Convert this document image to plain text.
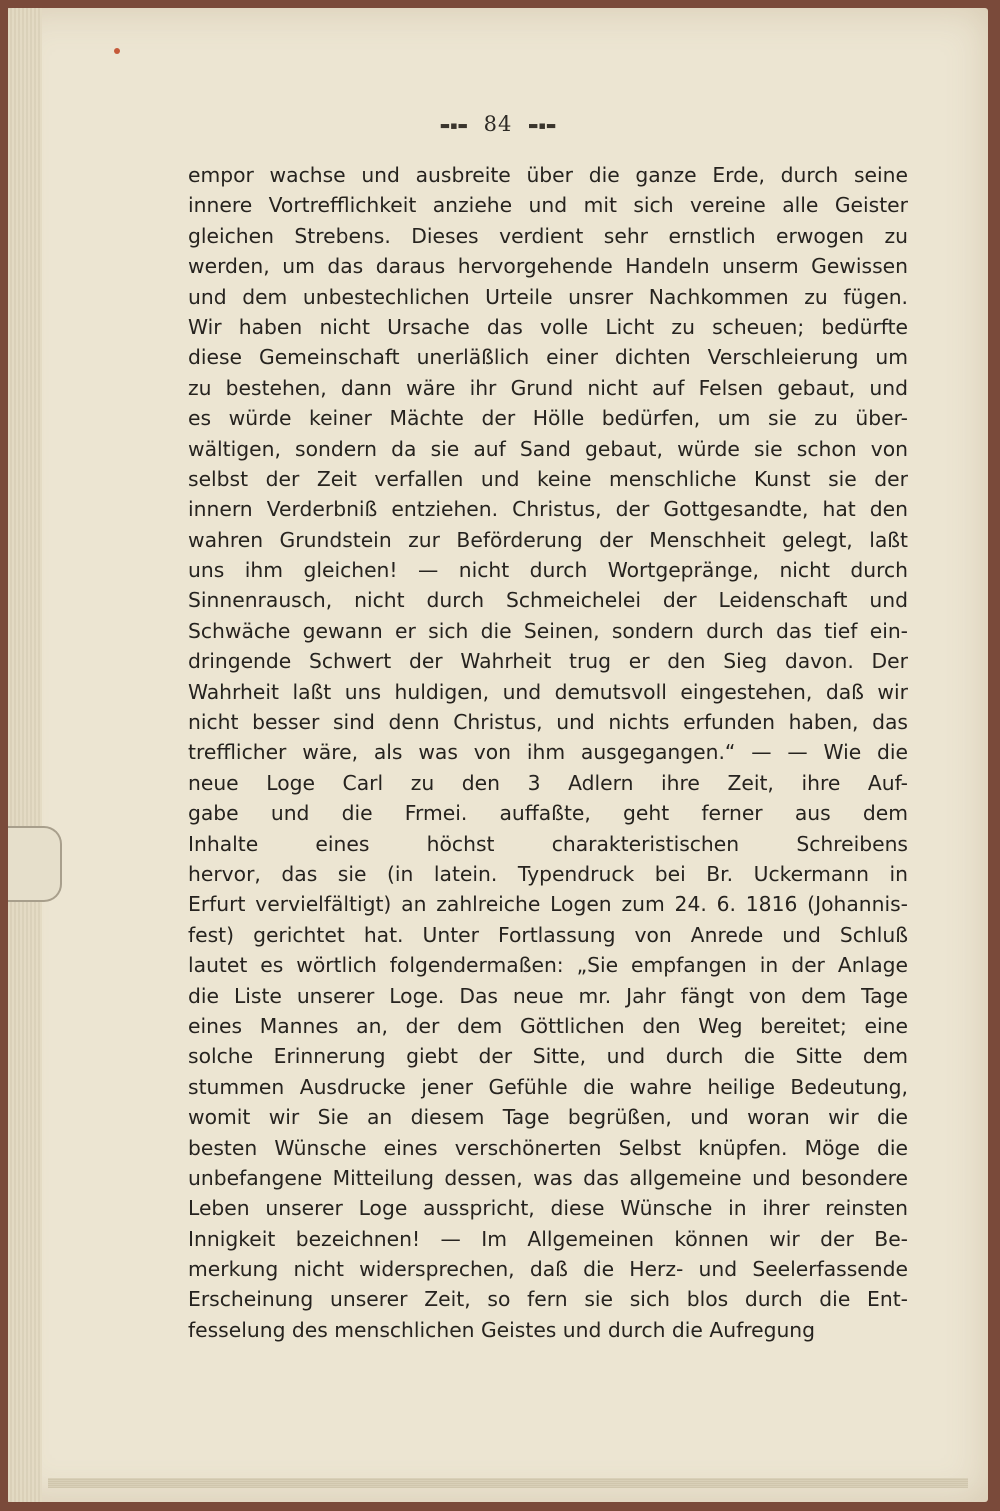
▬▪▬ 84 ▬▪▬
empor wachse und ausbreite über die ganze Erde, durch seine
innere Vortrefflichkeit anziehe und mit sich vereine alle Geister
gleichen Strebens. Dieses verdient sehr ernstlich erwogen zu
werden, um das daraus hervorgehende Handeln unserm Gewissen
und dem unbestechlichen Urteile unsrer Nachkommen zu fügen.
Wir haben nicht Ursache das volle Licht zu scheuen; bedürfte
diese Gemeinschaft unerläßlich einer dichten Verschleierung um
zu bestehen, dann wäre ihr Grund nicht auf Felsen gebaut, und
es würde keiner Mächte der Hölle bedürfen, um sie zu über-
wältigen, sondern da sie auf Sand gebaut, würde sie schon von
selbst der Zeit verfallen und keine menschliche Kunst sie der
innern Verderbniß entziehen. Christus, der Gottgesandte, hat den
wahren Grundstein zur Beförderung der Menschheit gelegt, laßt
uns ihm gleichen! — nicht durch Wortgepränge, nicht durch
Sinnenrausch, nicht durch Schmeichelei der Leidenschaft und
Schwäche gewann er sich die Seinen, sondern durch das tief ein-
dringende Schwert der Wahrheit trug er den Sieg davon. Der
Wahrheit laßt uns huldigen, und demutsvoll eingestehen, daß wir
nicht besser sind denn Christus, und nichts erfunden haben, das
trefflicher wäre, als was von ihm ausgegangen.“ — — Wie die
neue Loge Carl zu den 3 Adlern ihre Zeit, ihre Auf-
gabe und die Frmei. auffaßte, geht ferner aus dem
Inhalte eines höchst charakteristischen Schreibens
hervor, das sie (in latein. Typendruck bei Br. Uckermann in
Erfurt vervielfältigt) an zahlreiche Logen zum 24. 6. 1816 (Johannis-
fest) gerichtet hat. Unter Fortlassung von Anrede und Schluß
lautet es wörtlich folgendermaßen: „Sie empfangen in der Anlage
die Liste unserer Loge. Das neue mr. Jahr fängt von dem Tage
eines Mannes an, der dem Göttlichen den Weg bereitet; eine
solche Erinnerung giebt der Sitte, und durch die Sitte dem
stummen Ausdrucke jener Gefühle die wahre heilige Bedeutung,
womit wir Sie an diesem Tage begrüßen, und woran wir die
besten Wünsche eines verschönerten Selbst knüpfen. Möge die
unbefangene Mitteilung dessen, was das allgemeine und besondere
Leben unserer Loge ausspricht, diese Wünsche in ihrer reinsten
Innigkeit bezeichnen! — Im Allgemeinen können wir der Be-
merkung nicht widersprechen, daß die Herz- und Seelerfassende
Erscheinung unserer Zeit, so fern sie sich blos durch die Ent-
fesselung des menschlichen Geistes und durch die Aufregung
